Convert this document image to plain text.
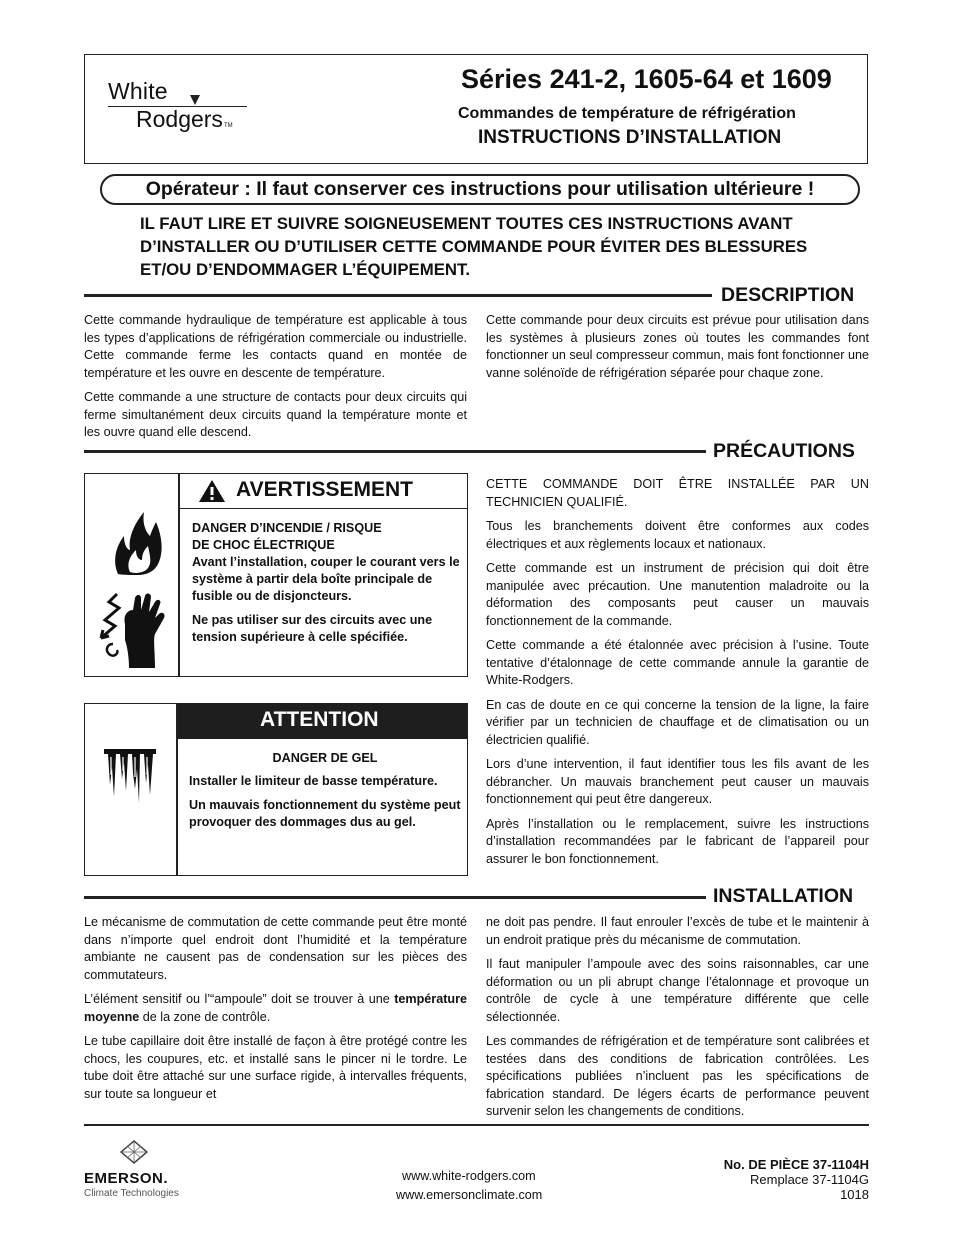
White
RodgersTM
Séries 241-2, 1605-64 et 1609
Commandes de température de réfrigération
INSTRUCTIONS D’INSTALLATION
Opérateur : Il faut conserver ces instructions pour utilisation ultérieure !
IL FAUT LIRE ET SUIVRE SOIGNEUSEMENT TOUTES CES INSTRUCTIONS AVANT D’INSTALLER OU D’UTILISER CETTE COMMANDE POUR ÉVITER DES BLESSURES ET/OU D’ENDOMMAGER L’ÉQUIPEMENT.
DESCRIPTION

Cette commande hydraulique de température est applicable à tous les types d’applications de réfrigération commerciale ou industrielle. Cette commande ferme les contacts quand en montée de température et les ouvre en descente de température.

Cette commande a une structure de contacts pour deux circuits qui ferme simultanément deux circuits quand la température monte et les ouvre quand elle descend.

Cette commande pour deux circuits est prévue pour utilisation dans les systèmes à plusieurs zones où toutes les commandes font fonctionner un seul compresseur commun, mais font fonctionner une vanne solénoïde de réfrigération séparée pour chaque zone.

PRÉCAUTIONS
AVERTISSEMENT
DANGER D’INCENDIE / RISQUE
DE CHOC ÉLECTRIQUE

Avant l’installation, couper le courant vers le système à partir dela boîte principale de fusible ou de disjoncteurs.

Ne pas utiliser sur des circuits avec une tension supérieure à celle spécifiée.

ATTENTION
DANGER DE GEL

Installer le limiteur de basse température.

Un mauvais fonctionnement du système peut provoquer des dommages dus au gel.

CETTE COMMANDE DOIT ÊTRE INSTALLÉE PAR UN TECHNICIEN QUALIFIÉ.

Tous les branchements doivent être conformes aux codes électriques et aux règlements locaux et nationaux.

Cette commande est un instrument de précision qui doit être manipulée avec précaution. Une manutention maladroite ou la déformation des composants peut causer un mauvais fonctionnement de la commande.

Cette commande a été étalonnée avec précision à l’usine. Toute tentative d’étalonnage de cette commande annule la garantie de White-Rodgers.

En cas de doute en ce qui concerne la tension de la ligne, la faire vérifier par un technicien de chauffage et de climatisation ou un électricien qualifié.

Lors d’une intervention, il faut identifier tous les fils avant de les débrancher. Un mauvais branchement peut causer un mauvais fonctionnement qui peut être dangereux.

Après l’installation ou le remplacement, suivre les instructions d’installation recommandées par le fabricant de l’appareil pour assurer le bon fonctionnement.

INSTALLATION

Le mécanisme de commutation de cette commande peut être monté dans n’importe quel endroit dont l’humidité et la température ambiante ne causent pas de condensation sur les pièces des commutateurs.

L’élément sensitif ou l’“ampoule” doit se trouver à une température moyenne de la zone de contrôle.

Le tube capillaire doit être installé de façon à être protégé contre les chocs, les coupures, etc. et installé sans le pincer ni le tordre. Le tube doit être attaché sur une surface rigide, à intervalles fréquents, sur toute sa longueur et

ne doit pas pendre. Il faut enrouler l’excès de tube et le maintenir à un endroit pratique près du mécanisme de commutation.

Il faut manipuler l’ampoule avec des soins raisonnables, car une déformation ou un pli abrupt change l’étalonnage et provoque un contrôle de cycle à une température différente que celle sélectionnée.

Les commandes de réfrigération et de température sont calibrées et testées dans des conditions de fabrication contrôlées. Les spécifications publiées n’incluent pas les spécifications de fabrication standard. De légers écarts de performance peuvent survenir selon les changements de conditions.

EMERSON.
Climate Technologies
www.white-rodgers.com
www.emersonclimate.com
No. DE PIÈCE 37-1104H
Remplace 37-1104G
1018
